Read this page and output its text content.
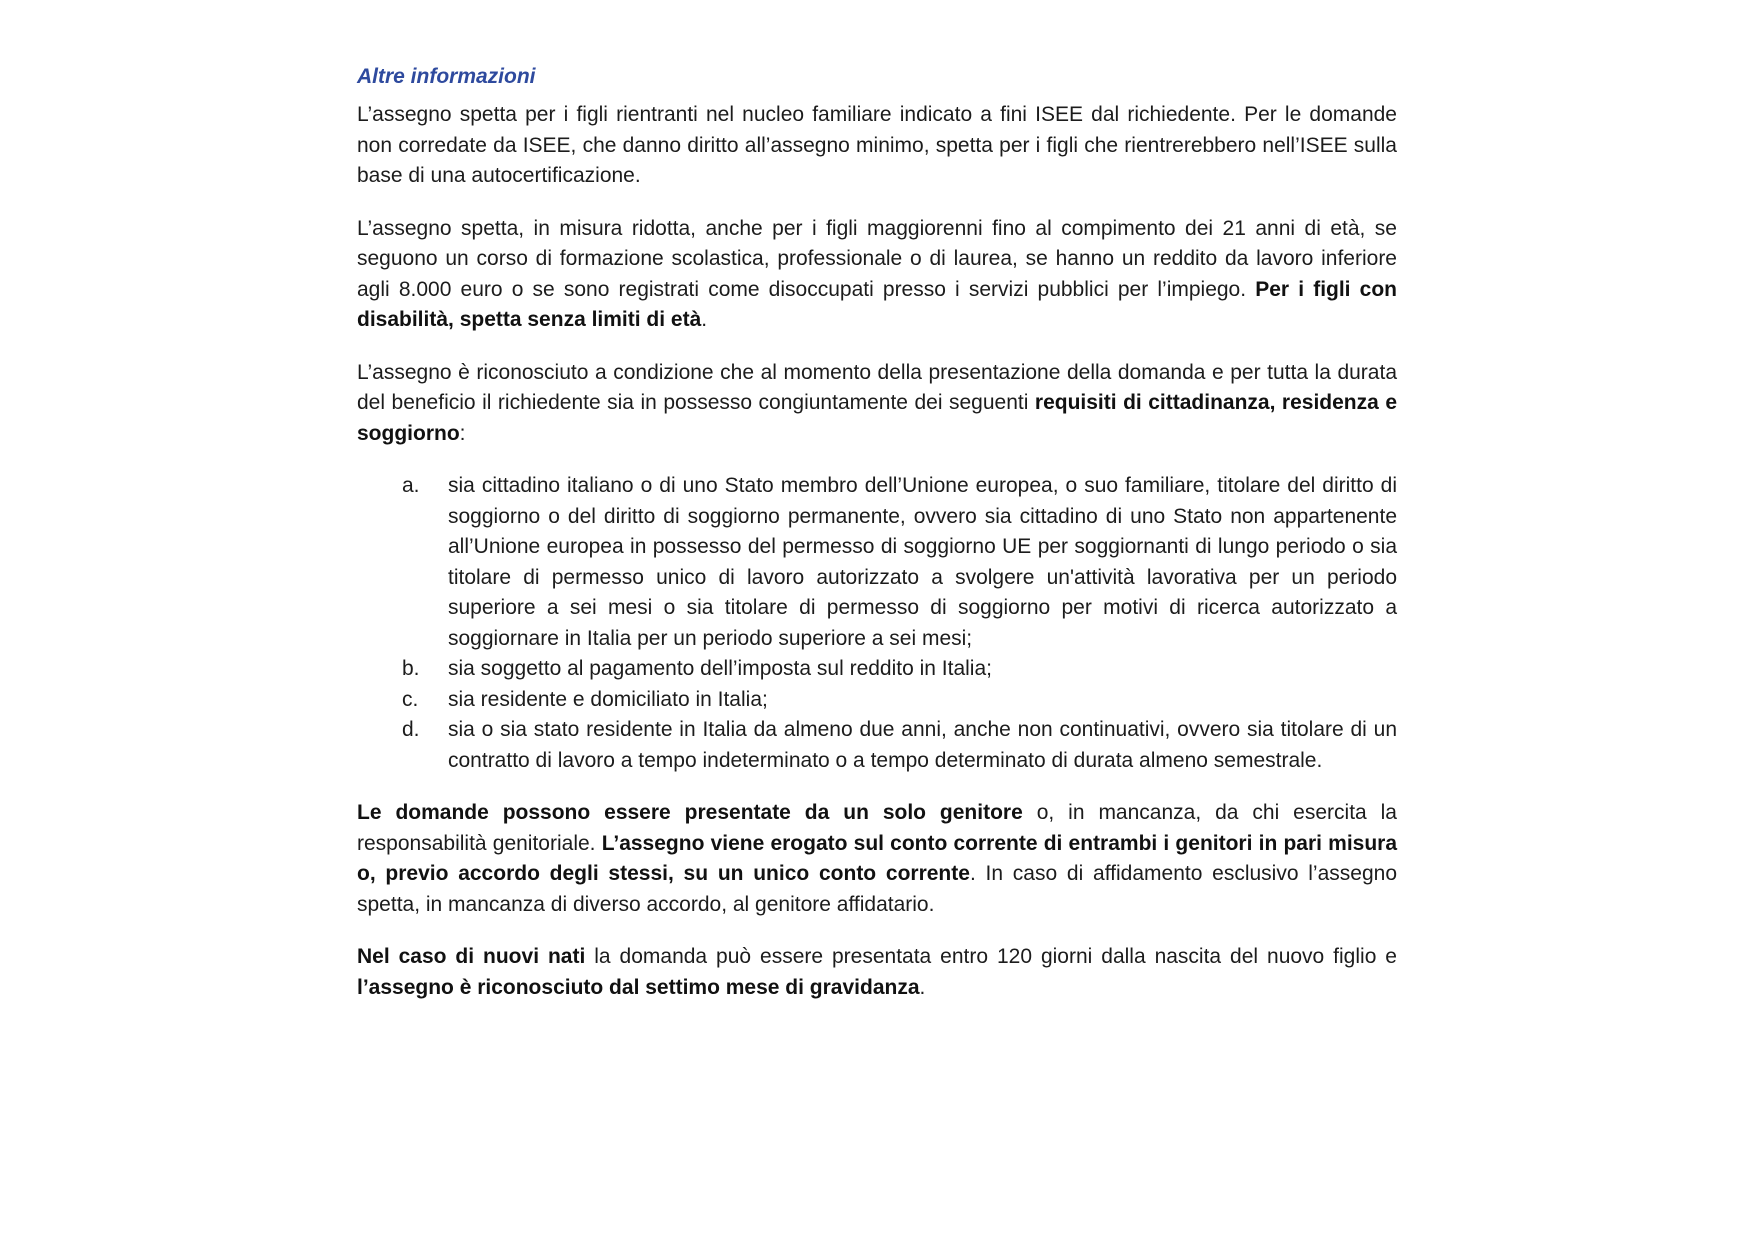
Altre informazioni

L’assegno spetta per i figli rientranti nel nucleo familiare indicato a fini ISEE dal richiedente. Per le domande non corredate da ISEE, che danno diritto all’assegno minimo, spetta per i figli che rientrerebbero nell’ISEE sulla base di una autocertificazione.

L’assegno spetta, in misura ridotta, anche per i figli maggiorenni fino al compimento dei 21 anni di età, se seguono un corso di formazione scolastica, professionale o di laurea, se hanno un reddito da lavoro inferiore agli 8.000 euro o se sono registrati come disoccupati presso i servizi pubblici per l’impiego. Per i figli con disabilità, spetta senza limiti di età.

L’assegno è riconosciuto a condizione che al momento della presentazione della domanda e per tutta la durata del beneficio il richiedente sia in possesso congiuntamente dei seguenti requisiti di cittadinanza, residenza e soggiorno:

a. sia cittadino italiano o di uno Stato membro dell’Unione europea, o suo familiare, titolare del diritto di soggiorno o del diritto di soggiorno permanente, ovvero sia cittadino di uno Stato non appartenente all’Unione europea in possesso del permesso di soggiorno UE per soggiornanti di lungo periodo o sia titolare di permesso unico di lavoro autorizzato a svolgere un'attività lavorativa per un periodo superiore a sei mesi o sia titolare di permesso di soggiorno per motivi di ricerca autorizzato a soggiornare in Italia per un periodo superiore a sei mesi;
b. sia soggetto al pagamento dell’imposta sul reddito in Italia;
c. sia residente e domiciliato in Italia;
d. sia o sia stato residente in Italia da almeno due anni, anche non continuativi, ovvero sia titolare di un contratto di lavoro a tempo indeterminato o a tempo determinato di durata almeno semestrale.

Le domande possono essere presentate da un solo genitore o, in mancanza, da chi esercita la responsabilità genitoriale. L’assegno viene erogato sul conto corrente di entrambi i genitori in pari misura o, previo accordo degli stessi, su un unico conto corrente. In caso di affidamento esclusivo l’assegno spetta, in mancanza di diverso accordo, al genitore affidatario.

Nel caso di nuovi nati la domanda può essere presentata entro 120 giorni dalla nascita del nuovo figlio e l’assegno è riconosciuto dal settimo mese di gravidanza.
